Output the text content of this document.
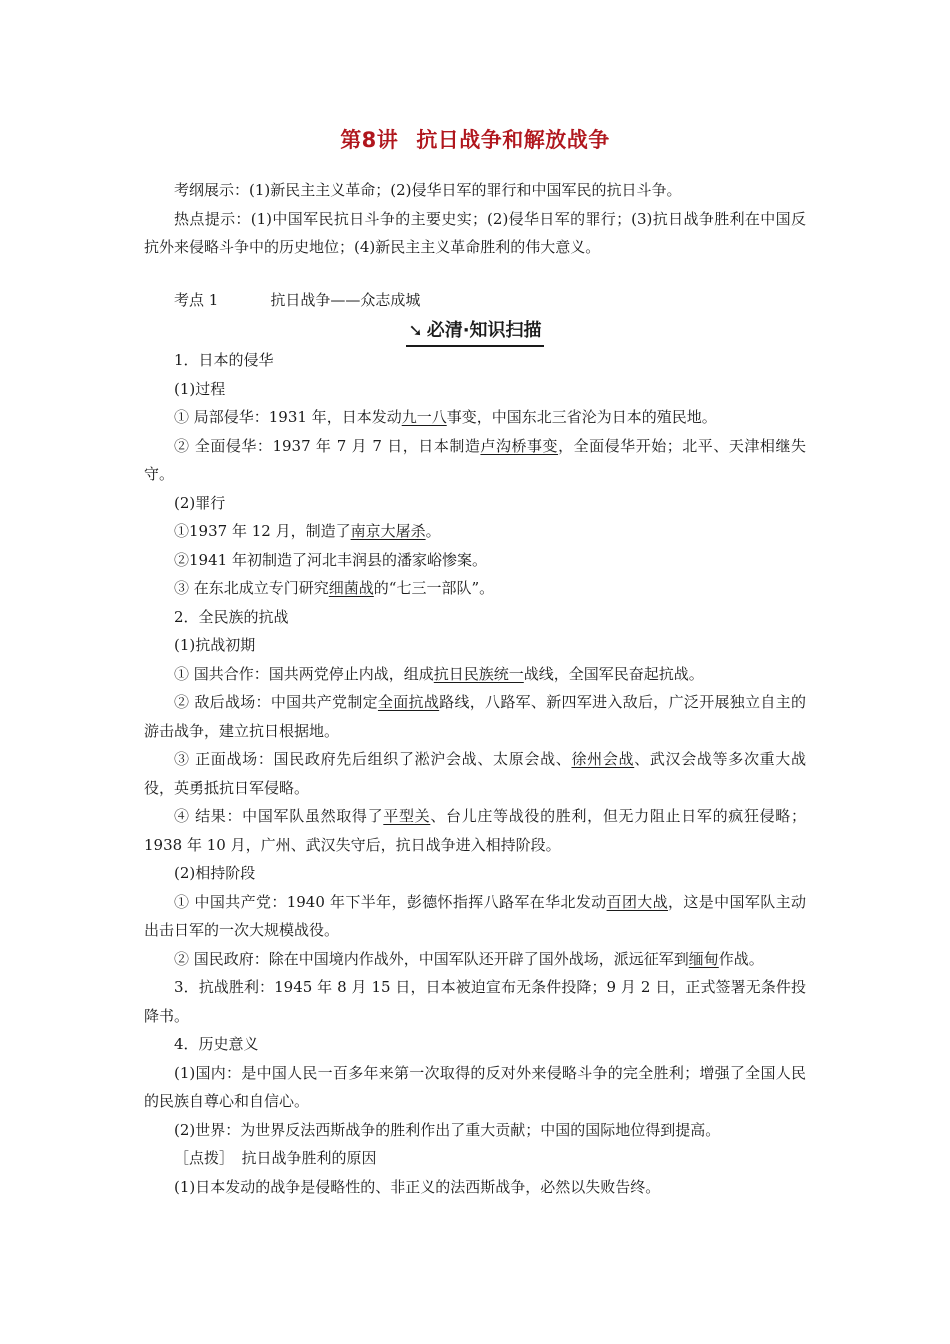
第8讲 抗日战争和解放战争

考纲展示：(1)新民主主义革命；(2)侵华日军的罪行和中国军民的抗日斗争。

热点提示：(1)中国军民抗日斗争的主要史实；(2)侵华日军的罪行；(3)抗日战争胜利在中国反抗外来侵略斗争中的历史地位；(4)新民主主义革命胜利的伟大意义。

考点 1	抗日战争——众志成城
➘ 必清·知识扫描

1．日本的侵华

(1)过程

① 局部侵华：1931 年，日本发动九一八事变，中国东北三省沦为日本的殖民地。

② 全面侵华：1937 年 7 月 7 日，日本制造卢沟桥事变，全面侵华开始；北平、天津相继失守。

(2)罪行

①1937 年 12 月，制造了南京大屠杀。

②1941 年初制造了河北丰润县的潘家峪惨案。

③ 在东北成立专门研究细菌战的“七三一部队”。

2．全民族的抗战

(1)抗战初期

① 国共合作：国共两党停止内战，组成抗日民族统一战线，全国军民奋起抗战。

② 敌后战场：中国共产党制定全面抗战路线，八路军、新四军进入敌后，广泛开展独立自主的游击战争，建立抗日根据地。

③ 正面战场：国民政府先后组织了淞沪会战、太原会战、徐州会战、武汉会战等多次重大战役，英勇抵抗日军侵略。

④ 结果：中国军队虽然取得了平型关、台儿庄等战役的胜利，但无力阻止日军的疯狂侵略；1938 年 10 月，广州、武汉失守后，抗日战争进入相持阶段。

(2)相持阶段

① 中国共产党：1940 年下半年，彭德怀指挥八路军在华北发动百团大战，这是中国军队主动出击日军的一次大规模战役。

② 国民政府：除在中国境内作战外，中国军队还开辟了国外战场，派远征军到缅甸作战。

3．抗战胜利：1945 年 8 月 15 日，日本被迫宣布无条件投降；9 月 2 日，正式签署无条件投降书。

4．历史意义

(1)国内：是中国人民一百多年来第一次取得的反对外来侵略斗争的完全胜利；增强了全国人民的民族自尊心和自信心。

(2)世界：为世界反法西斯战争的胜利作出了重大贡献；中国的国际地位得到提高。

［点拨］　抗日战争胜利的原因

(1)日本发动的战争是侵略性的、非正义的法西斯战争，必然以失败告终。
